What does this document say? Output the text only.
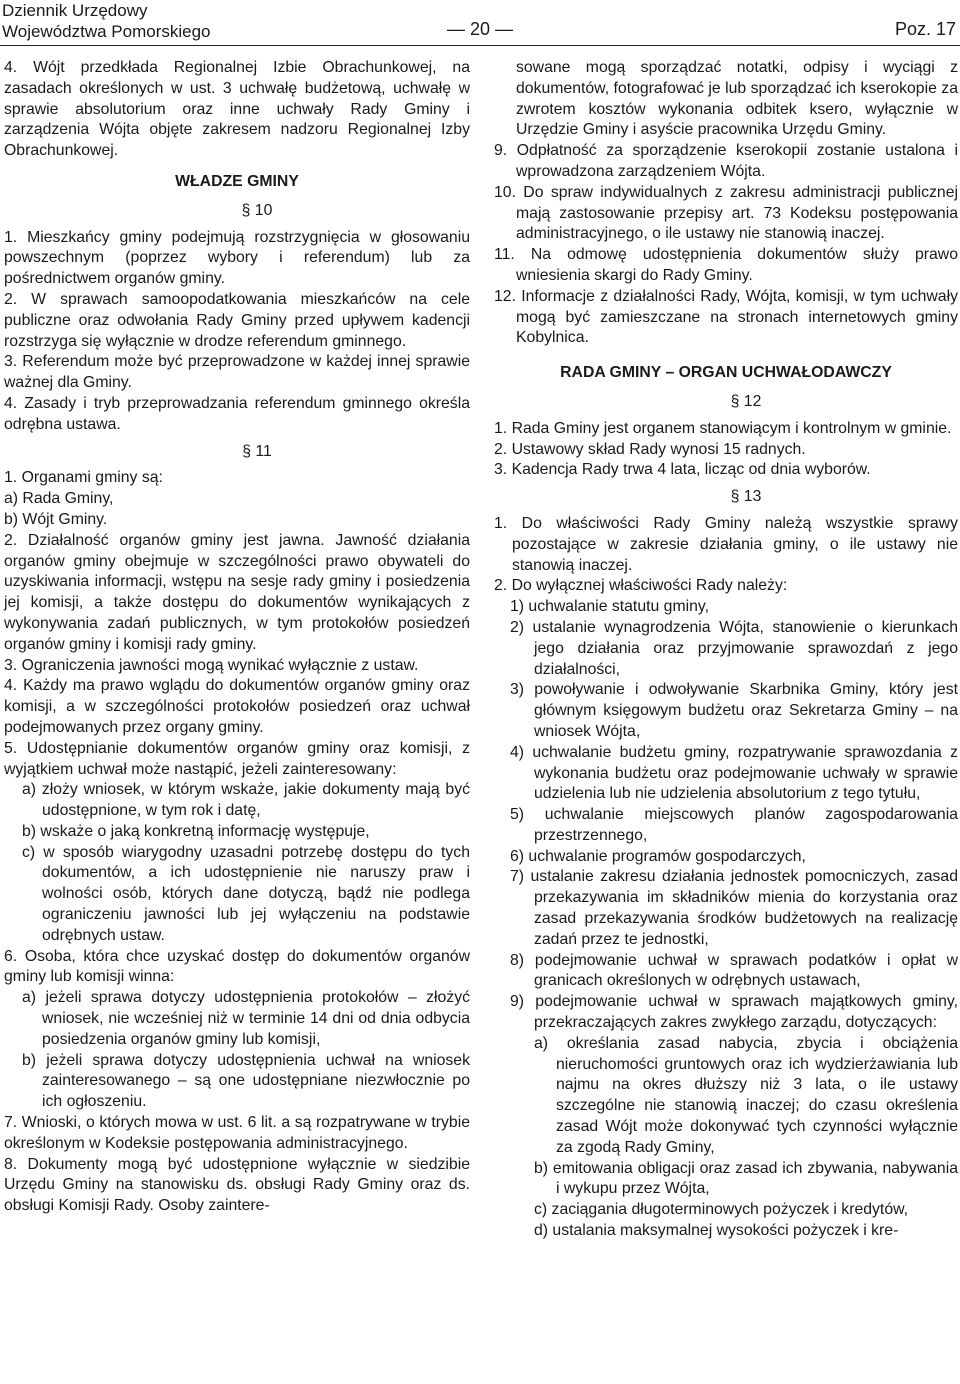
Dziennik Urzędowy
Województwa Pomorskiego	— 20 —	Poz. 17

4. Wójt przedkłada Regionalnej Izbie Obrachunkowej, na zasadach określonych w ust. 3 uchwałę budżetową, uchwałę w sprawie absolutorium oraz inne uchwały Rady Gminy i zarządzenia Wójta objęte zakresem nadzoru Regionalnej Izby Obrachunkowej.

WŁADZE GMINY

§ 10

1. Mieszkańcy gminy podejmują rozstrzygnięcia w głosowaniu powszechnym (poprzez wybory i referendum) lub za pośrednictwem organów gminy.

2. W sprawach samoopodatkowania mieszkańców na cele publiczne oraz odwołania Rady Gminy przed upływem kadencji rozstrzyga się wyłącznie w drodze referendum gminnego.

3. Referendum może być przeprowadzone w każdej innej sprawie ważnej dla Gminy.

4. Zasady i tryb przeprowadzania referendum gminnego określa odrębna ustawa.

§ 11

1. Organami gminy są:

a) Rada Gminy,

b) Wójt Gminy.

2. Działalność organów gminy jest jawna. Jawność działania organów gminy obejmuje w szczególności prawo obywateli do uzyskiwania informacji, wstępu na sesje rady gminy i posiedzenia jej komisji, a także dostępu do dokumentów wynikających z wykonywania zadań publicznych, w tym protokołów posiedzeń organów gminy i komisji rady gminy.

3. Ograniczenia jawności mogą wynikać wyłącznie z ustaw.

4. Każdy ma prawo wglądu do dokumentów organów gminy oraz komisji, a w szczególności protokołów posiedzeń oraz uchwał podejmowanych przez organy gminy.

5. Udostępnianie dokumentów organów gminy oraz komisji, z wyjątkiem uchwał może nastąpić, jeżeli zainteresowany:

a) złoży wniosek, w którym wskaże, jakie dokumenty mają być udostępnione, w tym rok i datę,

b) wskaże o jaką konkretną informację występuje,

c) w sposób wiarygodny uzasadni potrzebę dostępu do tych dokumentów, a ich udostępnienie nie naruszy praw i wolności osób, których dane dotyczą, bądź nie podlega ograniczeniu jawności lub jej wyłączeniu na podstawie odrębnych ustaw.

6. Osoba, która chce uzyskać dostęp do dokumentów organów gminy lub komisji winna:

a) jeżeli sprawa dotyczy udostępnienia protokołów – złożyć wniosek, nie wcześniej niż w terminie 14 dni od dnia odbycia posiedzenia organów gminy lub komisji,

b) jeżeli sprawa dotyczy udostępnienia uchwał na wniosek zainteresowanego – są one udostępniane niezwłocznie po ich ogłoszeniu.

7. Wnioski, o których mowa w ust. 6 lit. a są rozpatrywane w trybie określonym w Kodeksie postępowania administracyjnego.

8. Dokumenty mogą być udostępnione wyłącznie w siedzibie Urzędu Gminy na stanowisku ds. obsługi Rady Gminy oraz ds. obsługi Komisji Rady. Osoby zaintere-

sowane mogą sporządzać notatki, odpisy i wyciągi z dokumentów, fotografować je lub sporządzać ich kserokopie za zwrotem kosztów wykonania odbitek ksero, wyłącznie w Urzędzie Gminy i asyście pracownika Urzędu Gminy.

9. Odpłatność za sporządzenie kserokopii zostanie ustalona i wprowadzona zarządzeniem Wójta.

10. Do spraw indywidualnych z zakresu administracji publicznej mają zastosowanie przepisy art. 73 Kodeksu postępowania administracyjnego, o ile ustawy nie stanowią inaczej.

11. Na odmowę udostępnienia dokumentów służy prawo wniesienia skargi do Rady Gminy.

12. Informacje z działalności Rady, Wójta, komisji, w tym uchwały mogą być zamieszczane na stronach internetowych gminy Kobylnica.

RADA GMINY – ORGAN UCHWAŁODAWCZY

§ 12

1. Rada Gminy jest organem stanowiącym i kontrolnym w gminie.

2. Ustawowy skład Rady wynosi 15 radnych.

3. Kadencja Rady trwa 4 lata, licząc od dnia wyborów.

§ 13

1. Do właściwości Rady Gminy należą wszystkie sprawy pozostające w zakresie działania gminy, o ile ustawy nie stanowią inaczej.

2. Do wyłącznej właściwości Rady należy:

1) uchwalanie statutu gminy,

2) ustalanie wynagrodzenia Wójta, stanowienie o kierunkach jego działania oraz przyjmowanie sprawozdań z jego działalności,

3) powoływanie i odwoływanie Skarbnika Gminy, który jest głównym księgowym budżetu oraz Sekretarza Gminy – na wniosek Wójta,

4) uchwalanie budżetu gminy, rozpatrywanie sprawozdania z wykonania budżetu oraz podejmowanie uchwały w sprawie udzielenia lub nie udzielenia absolutorium z tego tytułu,

5) uchwalanie miejscowych planów zagospodarowania przestrzennego,

6) uchwalanie programów gospodarczych,

7) ustalanie zakresu działania jednostek pomocniczych, zasad przekazywania im składników mienia do korzystania oraz zasad przekazywania środków budżetowych na realizację zadań przez te jednostki,

8) podejmowanie uchwał w sprawach podatków i opłat w granicach określonych w odrębnych ustawach,

9) podejmowanie uchwał w sprawach majątkowych gminy, przekraczających zakres zwykłego zarządu, dotyczących:

a) określania zasad nabycia, zbycia i obciążenia nieruchomości gruntowych oraz ich wydzierżawiania lub najmu na okres dłuższy niż 3 lata, o ile ustawy szczególne nie stanowią inaczej; do czasu określenia zasad Wójt może dokonywać tych czynności wyłącznie za zgodą Rady Gminy,

b) emitowania obligacji oraz zasad ich zbywania, nabywania i wykupu przez Wójta,

c) zaciągania długoterminowych pożyczek i kredytów,

d) ustalania maksymalnej wysokości pożyczek i kre-
